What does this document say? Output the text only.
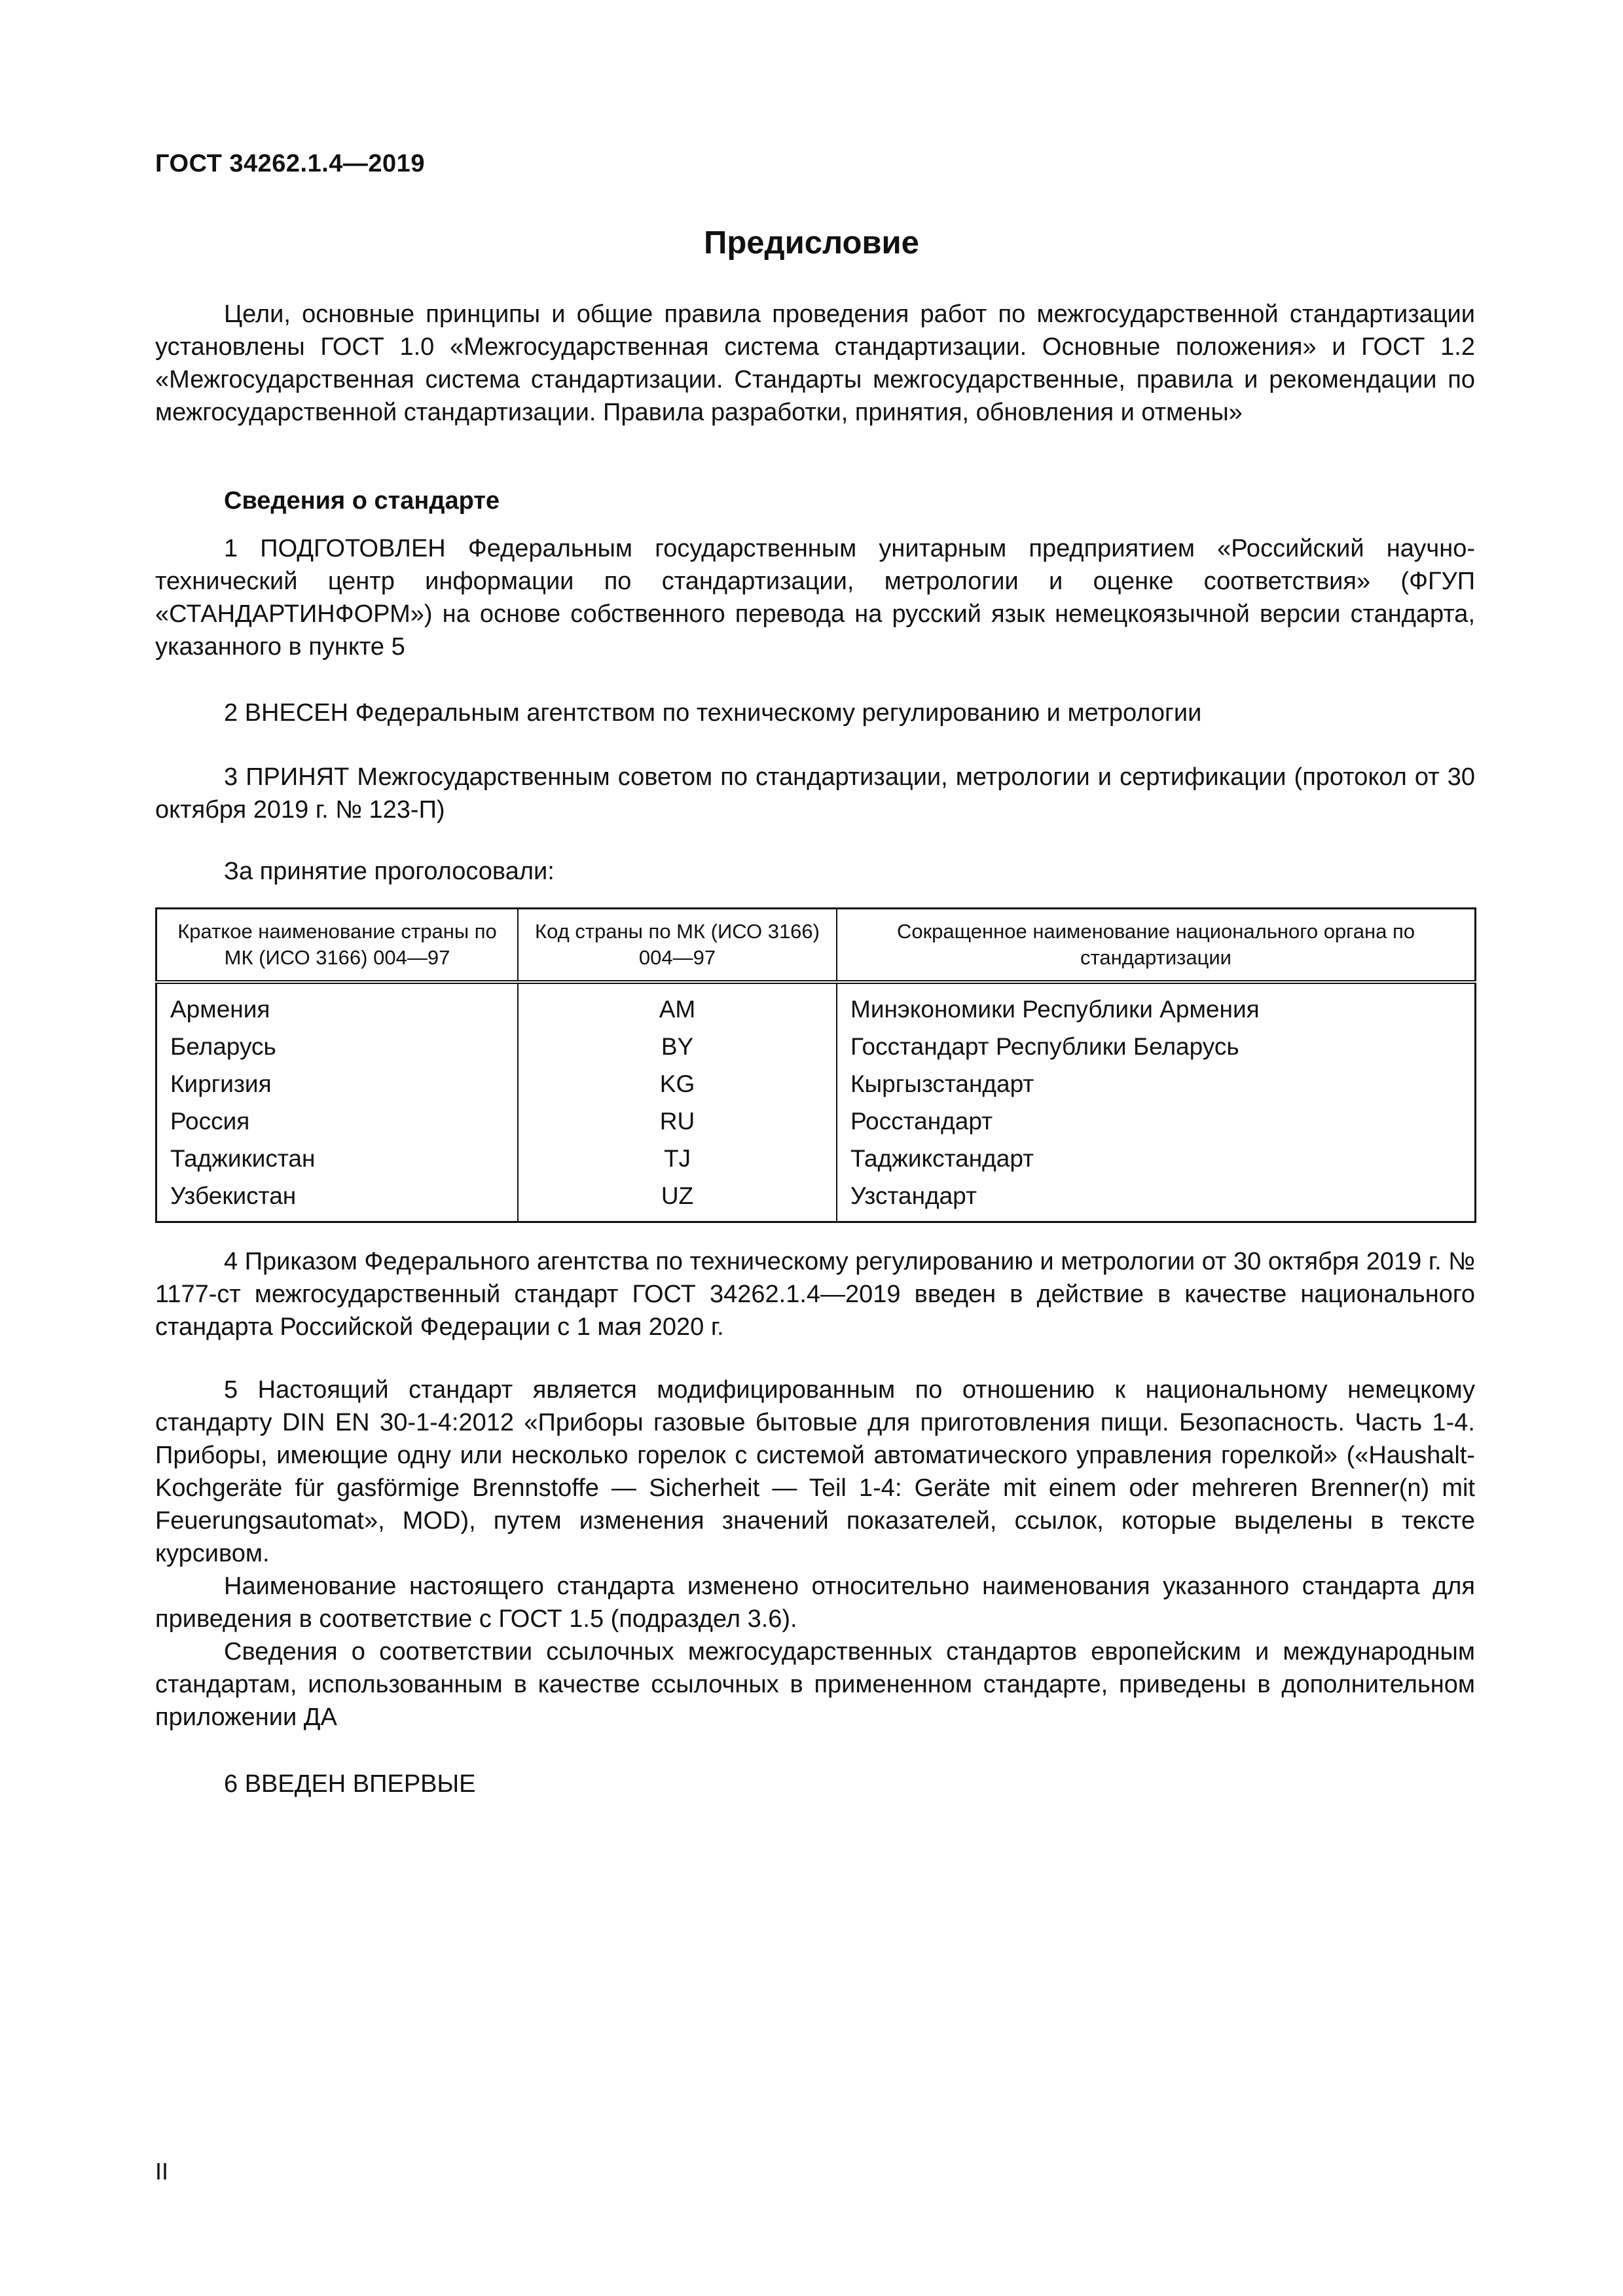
ГОСТ 34262.1.4—2019
Предисловие
Цели, основные принципы и общие правила проведения работ по межгосударственной стандартизации установлены ГОСТ 1.0 «Межгосударственная система стандартизации. Основные положения» и ГОСТ 1.2 «Межгосударственная система стандартизации. Стандарты межгосударственные, правила и рекомендации по межгосударственной стандартизации. Правила разработки, принятия, обновления и отмены»
Сведения о стандарте
1 ПОДГОТОВЛЕН Федеральным государственным унитарным предприятием «Российский научно-технический центр информации по стандартизации, метрологии и оценке соответствия» (ФГУП «СТАНДАРТИНФОРМ») на основе собственного перевода на русский язык немецкоязычной версии стандарта, указанного в пункте 5
2 ВНЕСЕН Федеральным агентством по техническому регулированию и метрологии
3 ПРИНЯТ Межгосударственным советом по стандартизации, метрологии и сертификации (протокол от 30 октября 2019 г. № 123-П)
За принятие проголосовали:
Краткое наименование страны по МК (ИСО 3166) 004—97	Код страны по МК (ИСО 3166) 004—97	Сокращенное наименование национального органа по стандартизации
Армения	AM	Минэкономики Республики Армения
Беларусь	BY	Госстандарт Республики Беларусь
Киргизия	KG	Кыргызстандарт
Россия	RU	Росстандарт
Таджикистан	TJ	Таджикстандарт
Узбекистан	UZ	Узстандарт
4 Приказом Федерального агентства по техническому регулированию и метрологии от 30 октября 2019 г. № 1177-ст межгосударственный стандарт ГОСТ 34262.1.4—2019 введен в действие в качестве национального стандарта Российской Федерации с 1 мая 2020 г.
5 Настоящий стандарт является модифицированным по отношению к национальному немецкому стандарту DIN EN 30-1-4:2012 «Приборы газовые бытовые для приготовления пищи. Безопасность. Часть 1-4. Приборы, имеющие одну или несколько горелок с системой автоматического управления горелкой» («Haushalt-Kochgeräte für gasförmige Brennstoffe — Sicherheit — Teil 1-4: Geräte mit einem oder mehreren Brenner(n) mit Feuerungsautomat», MOD), путем изменения значений показателей, ссылок, которые выделены в тексте курсивом.
Наименование настоящего стандарта изменено относительно наименования указанного стандарта для приведения в соответствие с ГОСТ 1.5 (подраздел 3.6).
Сведения о соответствии ссылочных межгосударственных стандартов европейским и международным стандартам, использованным в качестве ссылочных в примененном стандарте, приведены в дополнительном приложении ДА
6 ВВЕДЕН ВПЕРВЫЕ
II
